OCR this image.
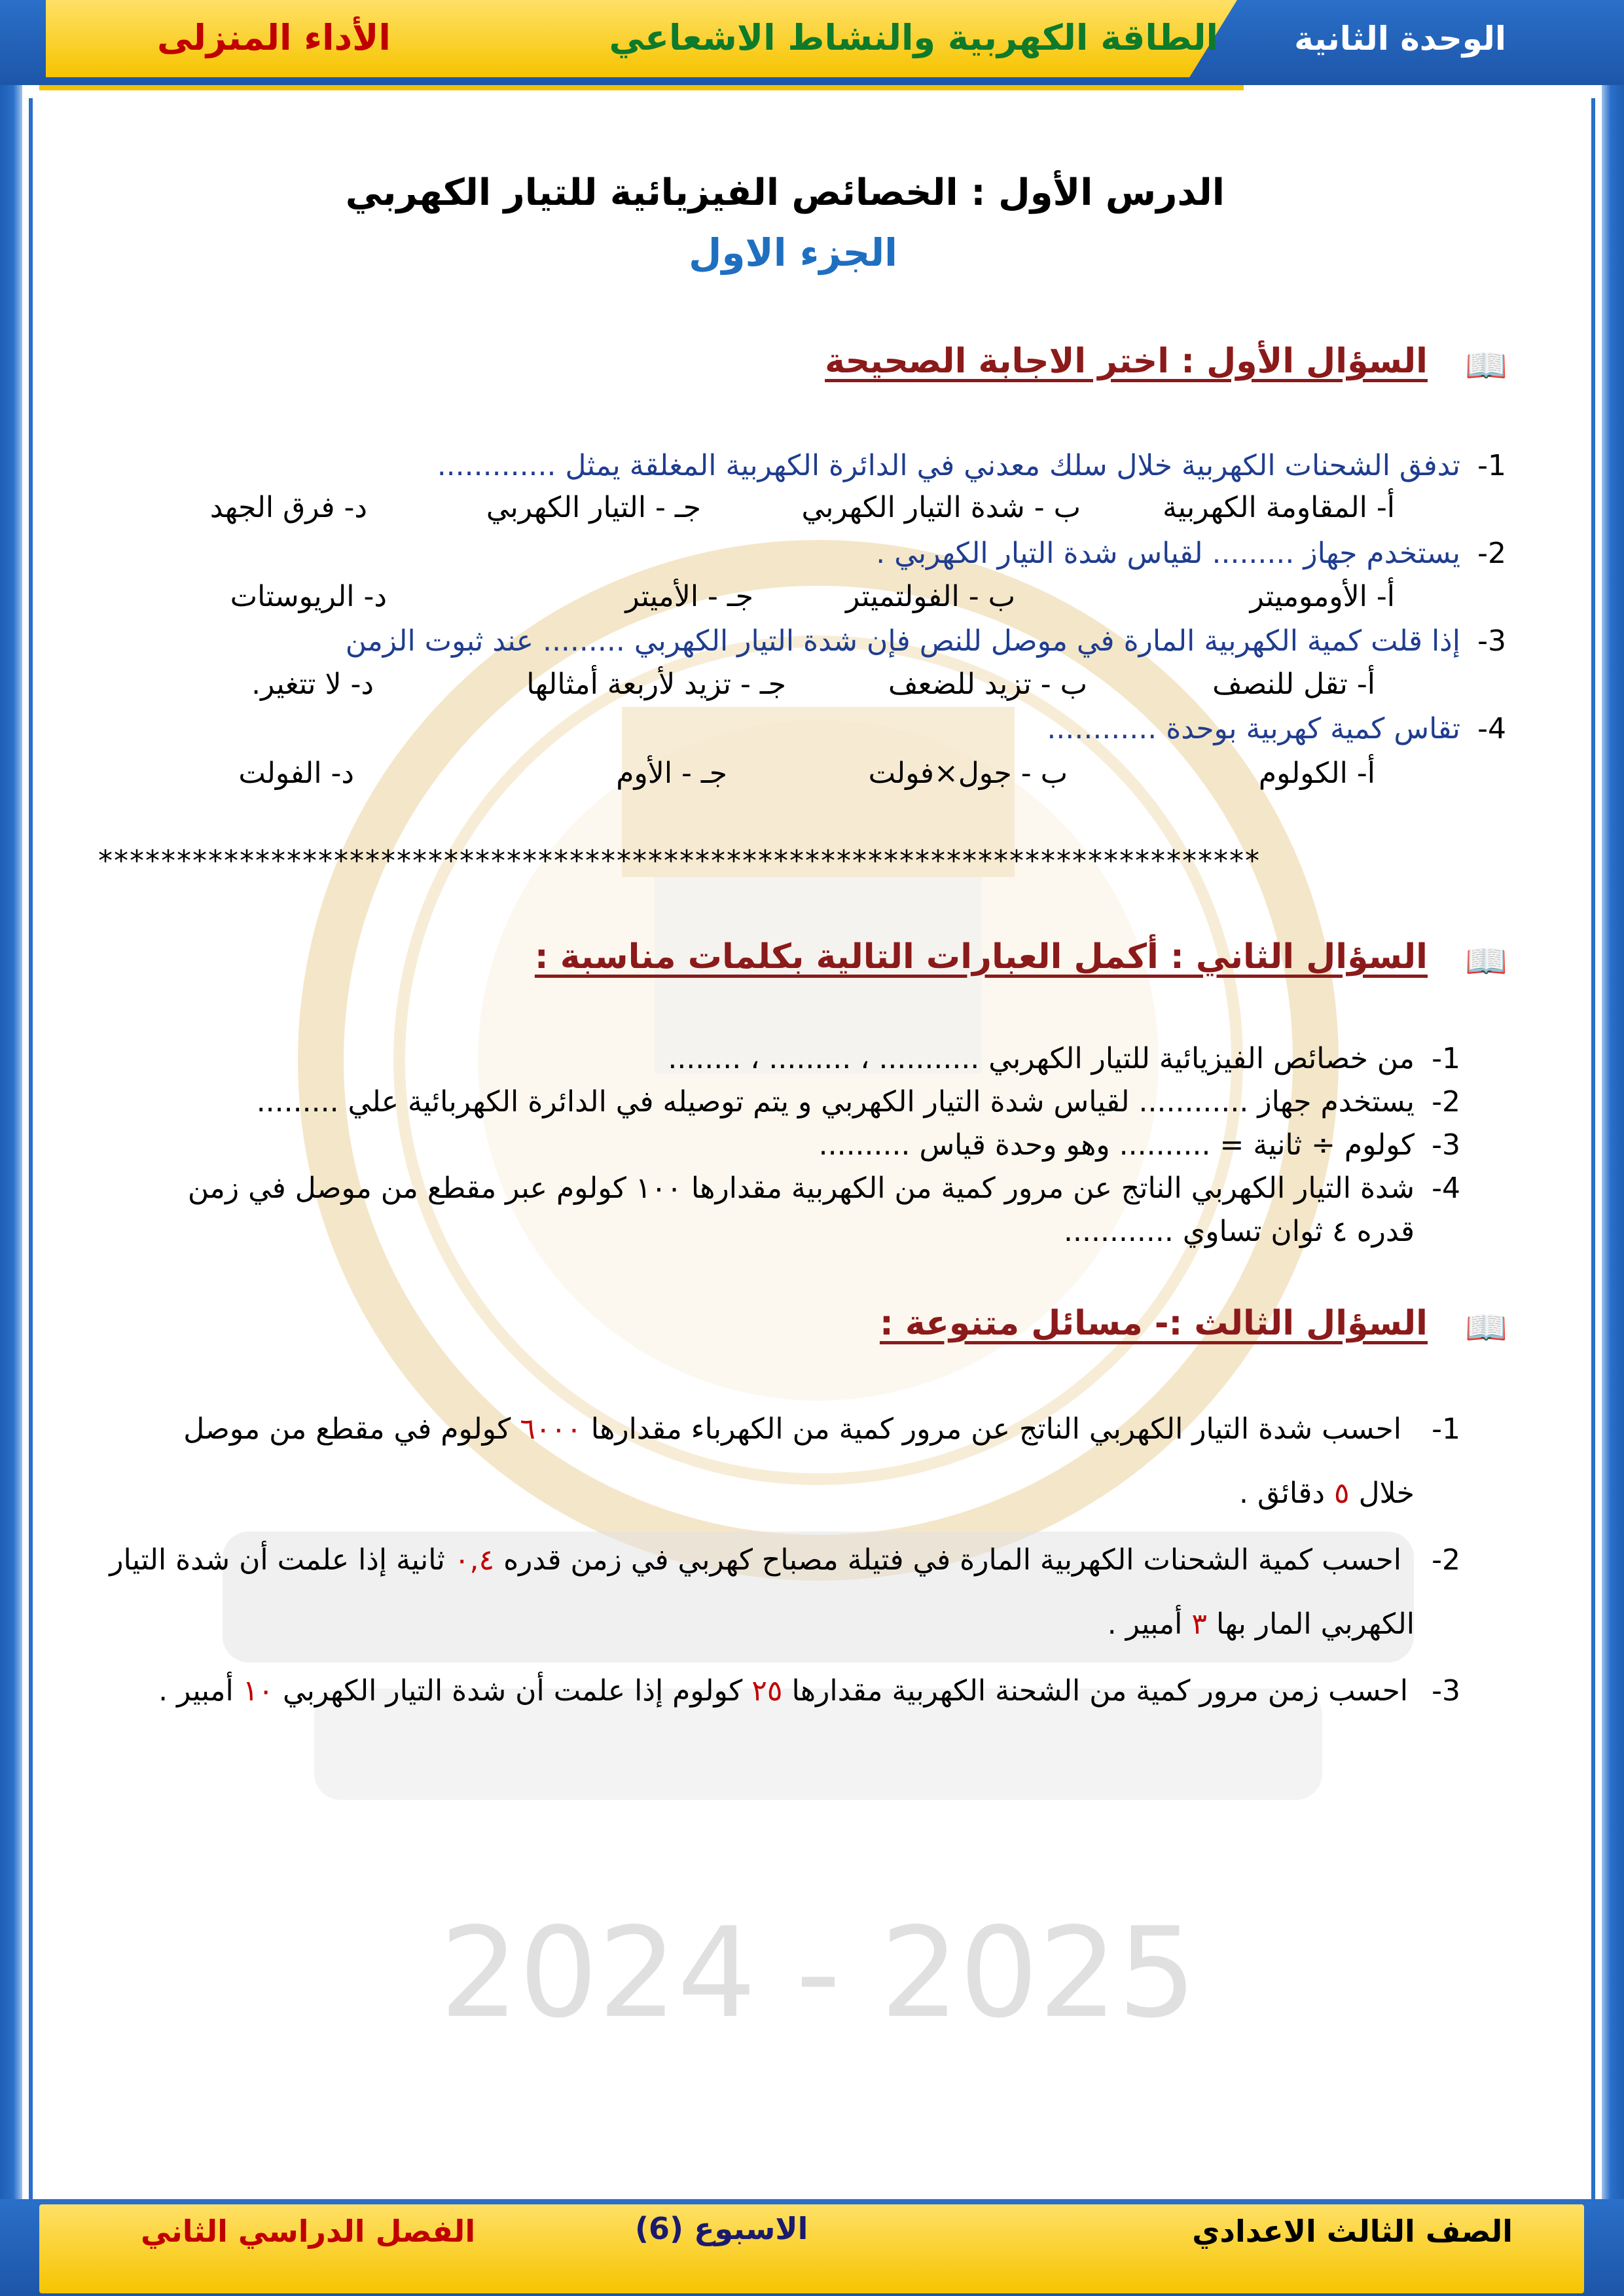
الوحدة الثانية
الطاقة الكهربية والنشاط الاشعاعي
الأداء المنزلى
2024 - 2025
الدرس الأول : الخصائص الفيزيائية للتيار الكهربي
الجزء الاول
📖
السؤال الأول : اختر الاجابة الصحيحة
-1
تدفق الشحنات الكهربية خلال سلك معدني في الدائرة الكهربية المغلقة يمثل .............
أ- المقاومة الكهربية
ب - شدة التيار الكهربي
جـ - التيار الكهربي
د- فرق الجهد
-2
يستخدم جهاز ......... لقياس شدة التيار الكهربي .
أ- الأوموميتر
ب - الفولتميتر
جـ - الأميتر
د- الريوستات
-3
إذا قلت كمية الكهربية المارة في موصل للنص فإن شدة التيار الكهربي ......... عند ثبوت الزمن
أ- تقل للنصف
ب - تزيد للضعف
جـ - تزيد لأربعة أمثالها
د- لا تتغير.
-4
تقاس كمية كهربية بوحدة ............
أ- الكولوم
ب - جول×فولت
جـ - الأوم
د- الفولت
**************************************************************************
📖
السؤال الثاني : أكمل العبارات التالية بكلمات مناسبة :
-1
من خصائص الفيزيائية للتيار الكهربي ........... ، ......... ، ........
-2
يستخدم جهاز ............ لقياس شدة التيار الكهربي و يتم توصيله في الدائرة الكهربائية علي .........
-3
كولوم ÷ ثانية = .......... وهو وحدة قياس ..........
-4
شدة التيار الكهربي الناتج عن مرور كمية من الكهربية مقدارها ١٠٠ كولوم عبر مقطع من موصل في زمن
قدره ٤ ثوان تساوي ............
📖
السؤال الثالث :- مسائل متنوعة :
-1
احسب شدة التيار الكهربي الناتج عن مرور كمية من الكهرباء مقدارها ٦٠٠٠ كولوم في مقطع من موصل
خلال ٥ دقائق .
-2
احسب كمية الشحنات الكهربية المارة في فتيلة مصباح كهربي في زمن قدره ٠,٤ ثانية إذا علمت أن شدة التيار
الكهربي المار بها ٣ أمبير .
-3
احسب زمن مرور كمية من الشحنة الكهربية مقدارها ٢٥ كولوم إذا علمت أن شدة التيار الكهربي ١٠ أمبير .
الصف الثالث الاعدادي
الاسبوع (6)
الفصل الدراسي الثاني
